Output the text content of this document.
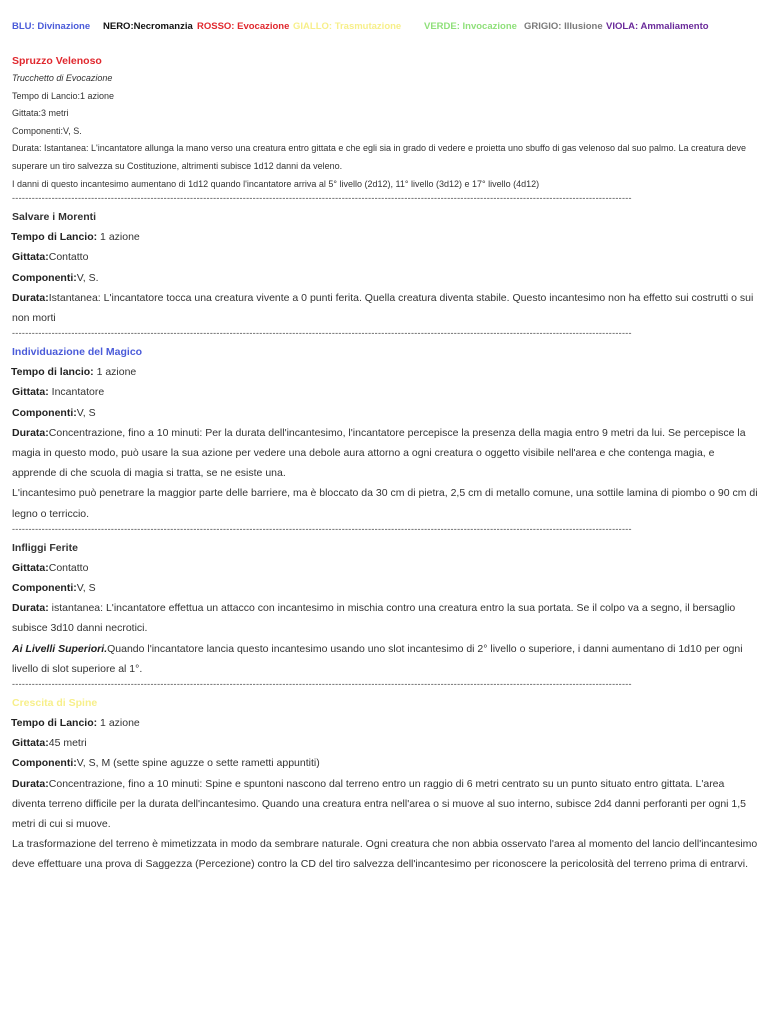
BLU: Divinazione NERO:Necromanzia ROSSO: Evocazione GIALLO: Trasmutazione VERDE: Invocazione GRIGIO: Illusione VIOLA: Ammaliamento
Spruzzo Velenoso
Trucchetto di Evocazione
Tempo di Lancio:1 azione
Gittata:3 metri
Componenti:V, S.
Durata: Istantanea: L'incantatore allunga la mano verso una creatura entro gittata e che egli sia in grado di vedere e proietta uno sbuffo di gas velenoso dal suo palmo. La creatura deve superare un tiro salvezza su Costituzione, altrimenti subisce 1d12 danni da veleno.
I danni di questo incantesimo aumentano di 1d12 quando l'incantatore arriva al 5° livello (2d12), 11° livello (3d12) e 17° livello (4d12)
--------------------------------------------------------------------------------------------------------------------------------------------------------------------------------------------
Salvare i Morenti
Tempo di Lancio: 1 azione
Gittata:Contatto
Componenti:V, S.
Durata:Istantanea: L'incantatore tocca una creatura vivente a 0 punti ferita. Quella creatura diventa stabile. Questo incantesimo non ha effetto sui costrutti o sui non morti
--------------------------------------------------------------------------------------------------------------------------------------------------------------------------------------------
Individuazione del Magico
Tempo di lancio: 1 azione
Gittata: Incantatore
Componenti:V, S
Durata:Concentrazione, fino a 10 minuti: Per la durata dell'incantesimo, l'incantatore percepisce la presenza della magia entro 9 metri da lui. Se percepisce la magia in questo modo, può usare la sua azione per vedere una debole aura attorno a ogni creatura o oggetto visibile nell'area e che contenga magia, e apprende di che scuola di magia si tratta, se ne esiste una.
L'incantesimo può penetrare la maggior parte delle barriere, ma è bloccato da 30 cm di pietra, 2,5 cm di metallo comune, una sottile lamina di piombo o 90 cm di legno o terriccio.
--------------------------------------------------------------------------------------------------------------------------------------------------------------------------------------------
Infliggi Ferite
Gittata:Contatto
Componenti:V, S
Durata: istantanea: L'incantatore effettua un attacco con incantesimo in mischia contro una creatura entro la sua portata. Se il colpo va a segno, il bersaglio subisce 3d10 danni necrotici.
Ai Livelli Superiori.Quando l'incantatore lancia questo incantesimo usando uno slot incantesimo di 2° livello o superiore, i danni aumentano di 1d10 per ogni livello di slot superiore al 1°.
--------------------------------------------------------------------------------------------------------------------------------------------------------------------------------------------
Crescita di Spine
Tempo di Lancio: 1 azione
Gittata:45 metri
Componenti:V, S, M (sette spine aguzze o sette rametti appuntiti)
Durata:Concentrazione, fino a 10 minuti: Spine e spuntoni nascono dal terreno entro un raggio di 6 metri centrato su un punto situato entro gittata. L'area diventa terreno difficile per la durata dell'incantesimo. Quando una creatura entra nell'area o si muove al suo interno, subisce 2d4 danni perforanti per ogni 1,5 metri di cui si muove.
La trasformazione del terreno è mimetizzata in modo da sembrare naturale. Ogni creatura che non abbia osservato l'area al momento del lancio dell'incantesimo deve effettuare una prova di Saggezza (Percezione) contro la CD del tiro salvezza dell'incantesimo per riconoscere la pericolosità del terreno prima di entrarvi.
